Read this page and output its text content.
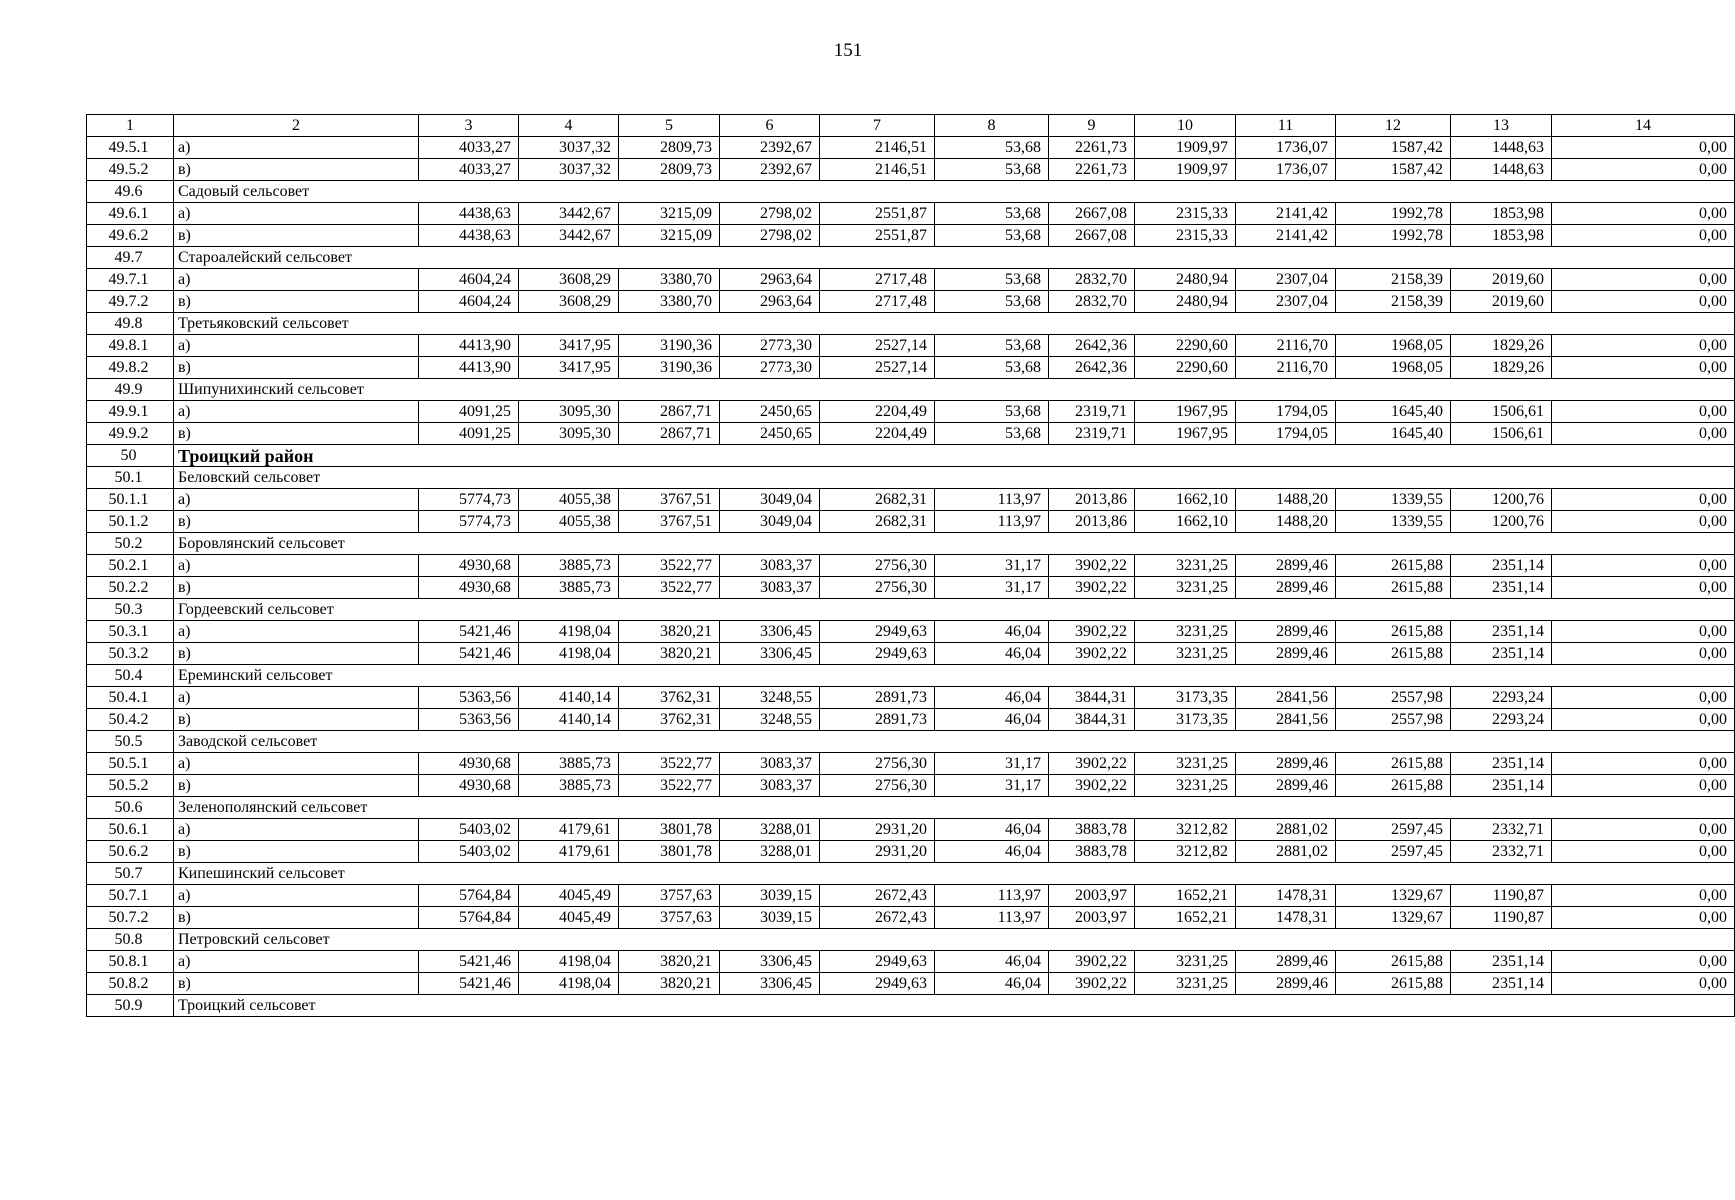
151
1	2	3	4	5	6	7	8	9	10	11	12	13	14
49.5.1	а)	4033,27	3037,32	2809,73	2392,67	2146,51	53,68	2261,73	1909,97	1736,07	1587,42	1448,63	0,00
49.5.2	в)	4033,27	3037,32	2809,73	2392,67	2146,51	53,68	2261,73	1909,97	1736,07	1587,42	1448,63	0,00
49.6	Садовый сельсовет												
49.6.1	а)	4438,63	3442,67	3215,09	2798,02	2551,87	53,68	2667,08	2315,33	2141,42	1992,78	1853,98	0,00
49.6.2	в)	4438,63	3442,67	3215,09	2798,02	2551,87	53,68	2667,08	2315,33	2141,42	1992,78	1853,98	0,00
49.7	Староалейский сельсовет												
49.7.1	а)	4604,24	3608,29	3380,70	2963,64	2717,48	53,68	2832,70	2480,94	2307,04	2158,39	2019,60	0,00
49.7.2	в)	4604,24	3608,29	3380,70	2963,64	2717,48	53,68	2832,70	2480,94	2307,04	2158,39	2019,60	0,00
49.8	Третьяковский сельсовет												
49.8.1	а)	4413,90	3417,95	3190,36	2773,30	2527,14	53,68	2642,36	2290,60	2116,70	1968,05	1829,26	0,00
49.8.2	в)	4413,90	3417,95	3190,36	2773,30	2527,14	53,68	2642,36	2290,60	2116,70	1968,05	1829,26	0,00
49.9	Шипунихинский сельсовет												
49.9.1	а)	4091,25	3095,30	2867,71	2450,65	2204,49	53,68	2319,71	1967,95	1794,05	1645,40	1506,61	0,00
49.9.2	в)	4091,25	3095,30	2867,71	2450,65	2204,49	53,68	2319,71	1967,95	1794,05	1645,40	1506,61	0,00
50	Троицкий район												
50.1	Беловский сельсовет												
50.1.1	а)	5774,73	4055,38	3767,51	3049,04	2682,31	113,97	2013,86	1662,10	1488,20	1339,55	1200,76	0,00
50.1.2	в)	5774,73	4055,38	3767,51	3049,04	2682,31	113,97	2013,86	1662,10	1488,20	1339,55	1200,76	0,00
50.2	Боровлянский сельсовет												
50.2.1	а)	4930,68	3885,73	3522,77	3083,37	2756,30	31,17	3902,22	3231,25	2899,46	2615,88	2351,14	0,00
50.2.2	в)	4930,68	3885,73	3522,77	3083,37	2756,30	31,17	3902,22	3231,25	2899,46	2615,88	2351,14	0,00
50.3	Гордеевский сельсовет												
50.3.1	а)	5421,46	4198,04	3820,21	3306,45	2949,63	46,04	3902,22	3231,25	2899,46	2615,88	2351,14	0,00
50.3.2	в)	5421,46	4198,04	3820,21	3306,45	2949,63	46,04	3902,22	3231,25	2899,46	2615,88	2351,14	0,00
50.4	Ереминский сельсовет												
50.4.1	а)	5363,56	4140,14	3762,31	3248,55	2891,73	46,04	3844,31	3173,35	2841,56	2557,98	2293,24	0,00
50.4.2	в)	5363,56	4140,14	3762,31	3248,55	2891,73	46,04	3844,31	3173,35	2841,56	2557,98	2293,24	0,00
50.5	Заводской сельсовет												
50.5.1	а)	4930,68	3885,73	3522,77	3083,37	2756,30	31,17	3902,22	3231,25	2899,46	2615,88	2351,14	0,00
50.5.2	в)	4930,68	3885,73	3522,77	3083,37	2756,30	31,17	3902,22	3231,25	2899,46	2615,88	2351,14	0,00
50.6	Зеленополянский сельсовет												
50.6.1	а)	5403,02	4179,61	3801,78	3288,01	2931,20	46,04	3883,78	3212,82	2881,02	2597,45	2332,71	0,00
50.6.2	в)	5403,02	4179,61	3801,78	3288,01	2931,20	46,04	3883,78	3212,82	2881,02	2597,45	2332,71	0,00
50.7	Кипешинский сельсовет												
50.7.1	а)	5764,84	4045,49	3757,63	3039,15	2672,43	113,97	2003,97	1652,21	1478,31	1329,67	1190,87	0,00
50.7.2	в)	5764,84	4045,49	3757,63	3039,15	2672,43	113,97	2003,97	1652,21	1478,31	1329,67	1190,87	0,00
50.8	Петровский сельсовет												
50.8.1	а)	5421,46	4198,04	3820,21	3306,45	2949,63	46,04	3902,22	3231,25	2899,46	2615,88	2351,14	0,00
50.8.2	в)	5421,46	4198,04	3820,21	3306,45	2949,63	46,04	3902,22	3231,25	2899,46	2615,88	2351,14	0,00
50.9	Троицкий сельсовет												
